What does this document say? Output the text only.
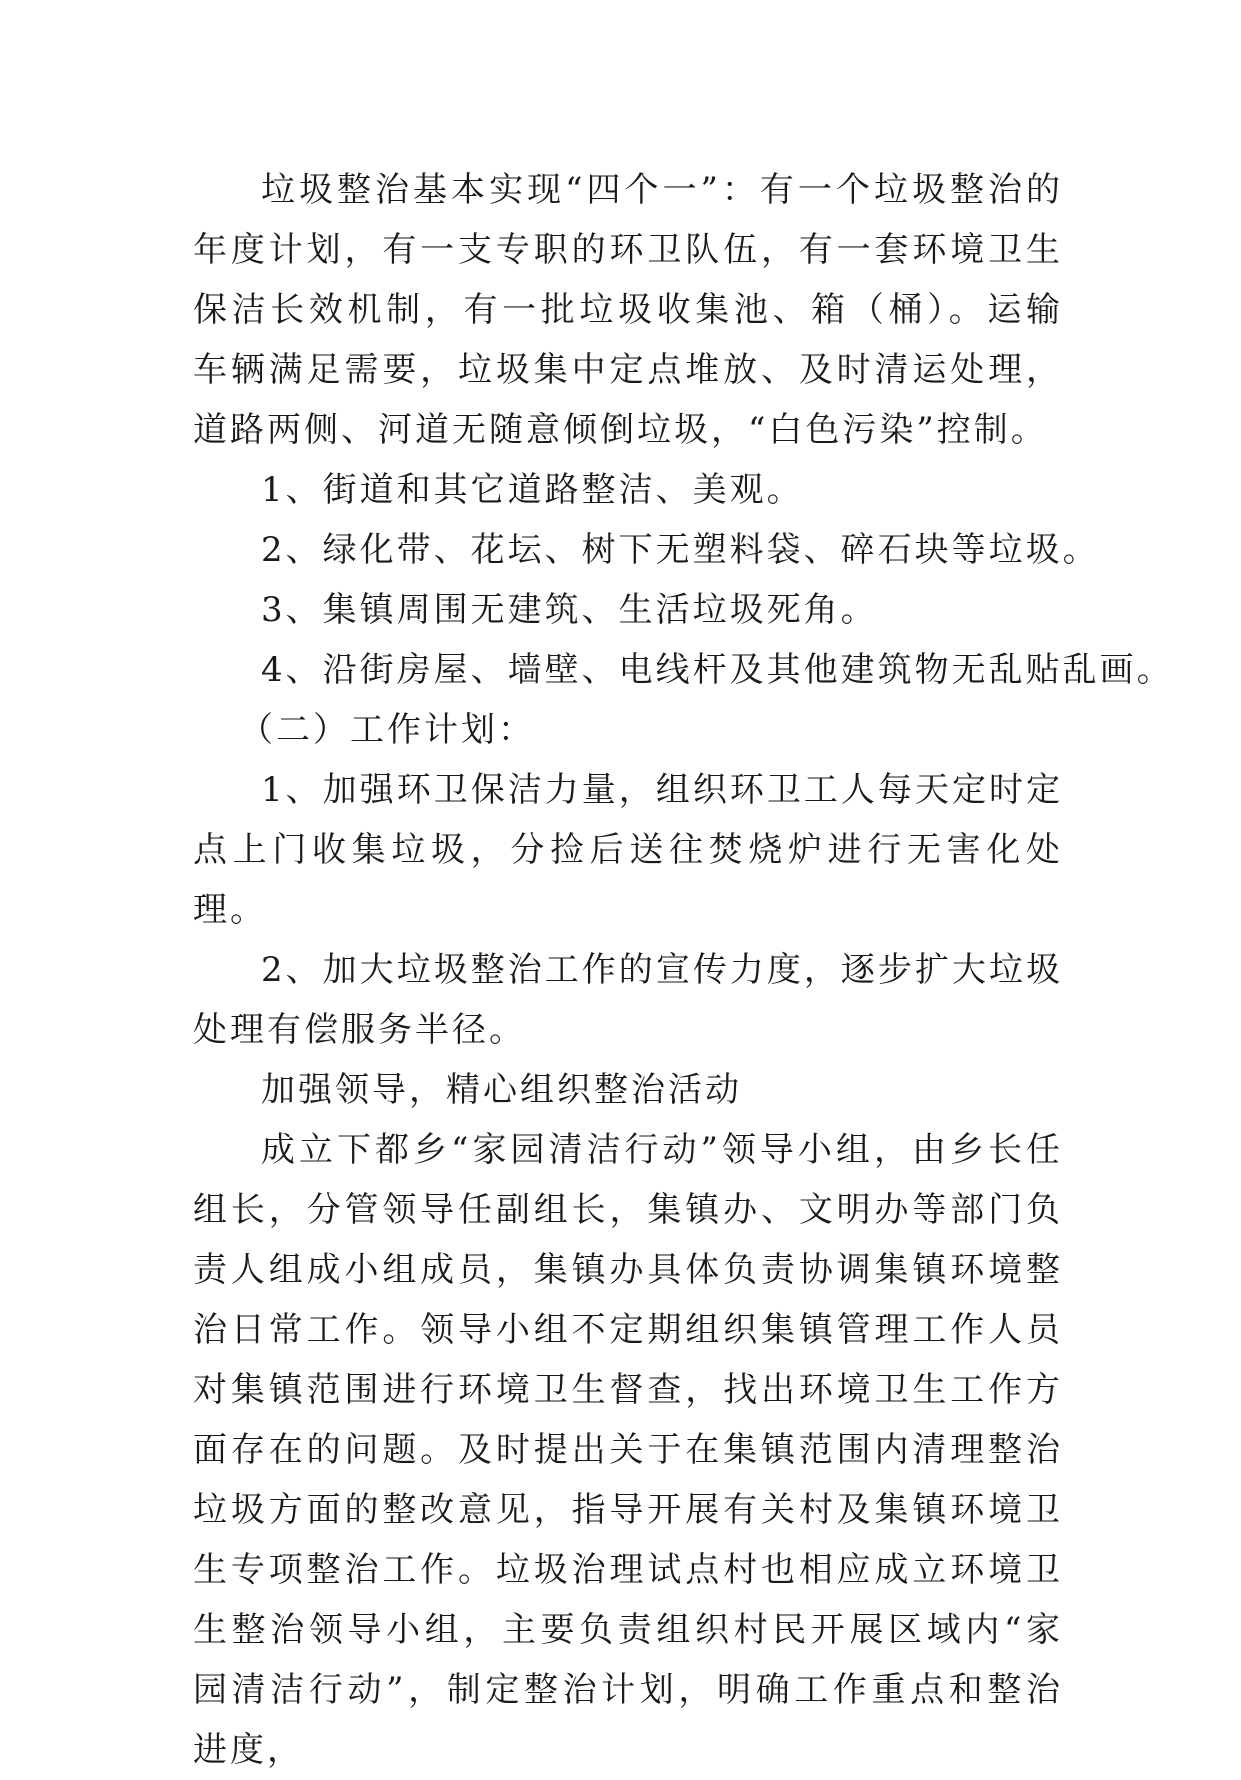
垃圾整治基本实现“四个一”：有一个垃圾整治的年度计划，有一支专职的环卫队伍，有一套环境卫生保洁长效机制，有一批垃圾收集池、箱（桶）。运输车辆满足需要，垃圾集中定点堆放、及时清运处理，道路两侧、河道无随意倾倒垃圾，“白色污染”控制。

1、街道和其它道路整洁、美观。

2、绿化带、花坛、树下无塑料袋、碎石块等垃圾。

3、集镇周围无建筑、生活垃圾死角。

4、沿街房屋、墙壁、电线杆及其他建筑物无乱贴乱画。

（二）工作计划：

1、加强环卫保洁力量，组织环卫工人每天定时定点上门收集垃圾，分捡后送往焚烧炉进行无害化处理。

2、加大垃圾整治工作的宣传力度，逐步扩大垃圾处理有偿服务半径。

加强领导，精心组织整治活动

成立下都乡“家园清洁行动”领导小组，由乡长任组长，分管领导任副组长，集镇办、文明办等部门负责人组成小组成员，集镇办具体负责协调集镇环境整治日常工作。领导小组不定期组织集镇管理工作人员对集镇范围进行环境卫生督查，找出环境卫生工作方面存在的问题。及时提出关于在集镇范围内清理整治垃圾方面的整改意见，指导开展有关村及集镇环境卫生专项整治工作。垃圾治理试点村也相应成立环境卫生整治领导小组，主要负责组织村民开展区域内“家园清洁行动”，制定整治计划，明确工作重点和整治进度，
